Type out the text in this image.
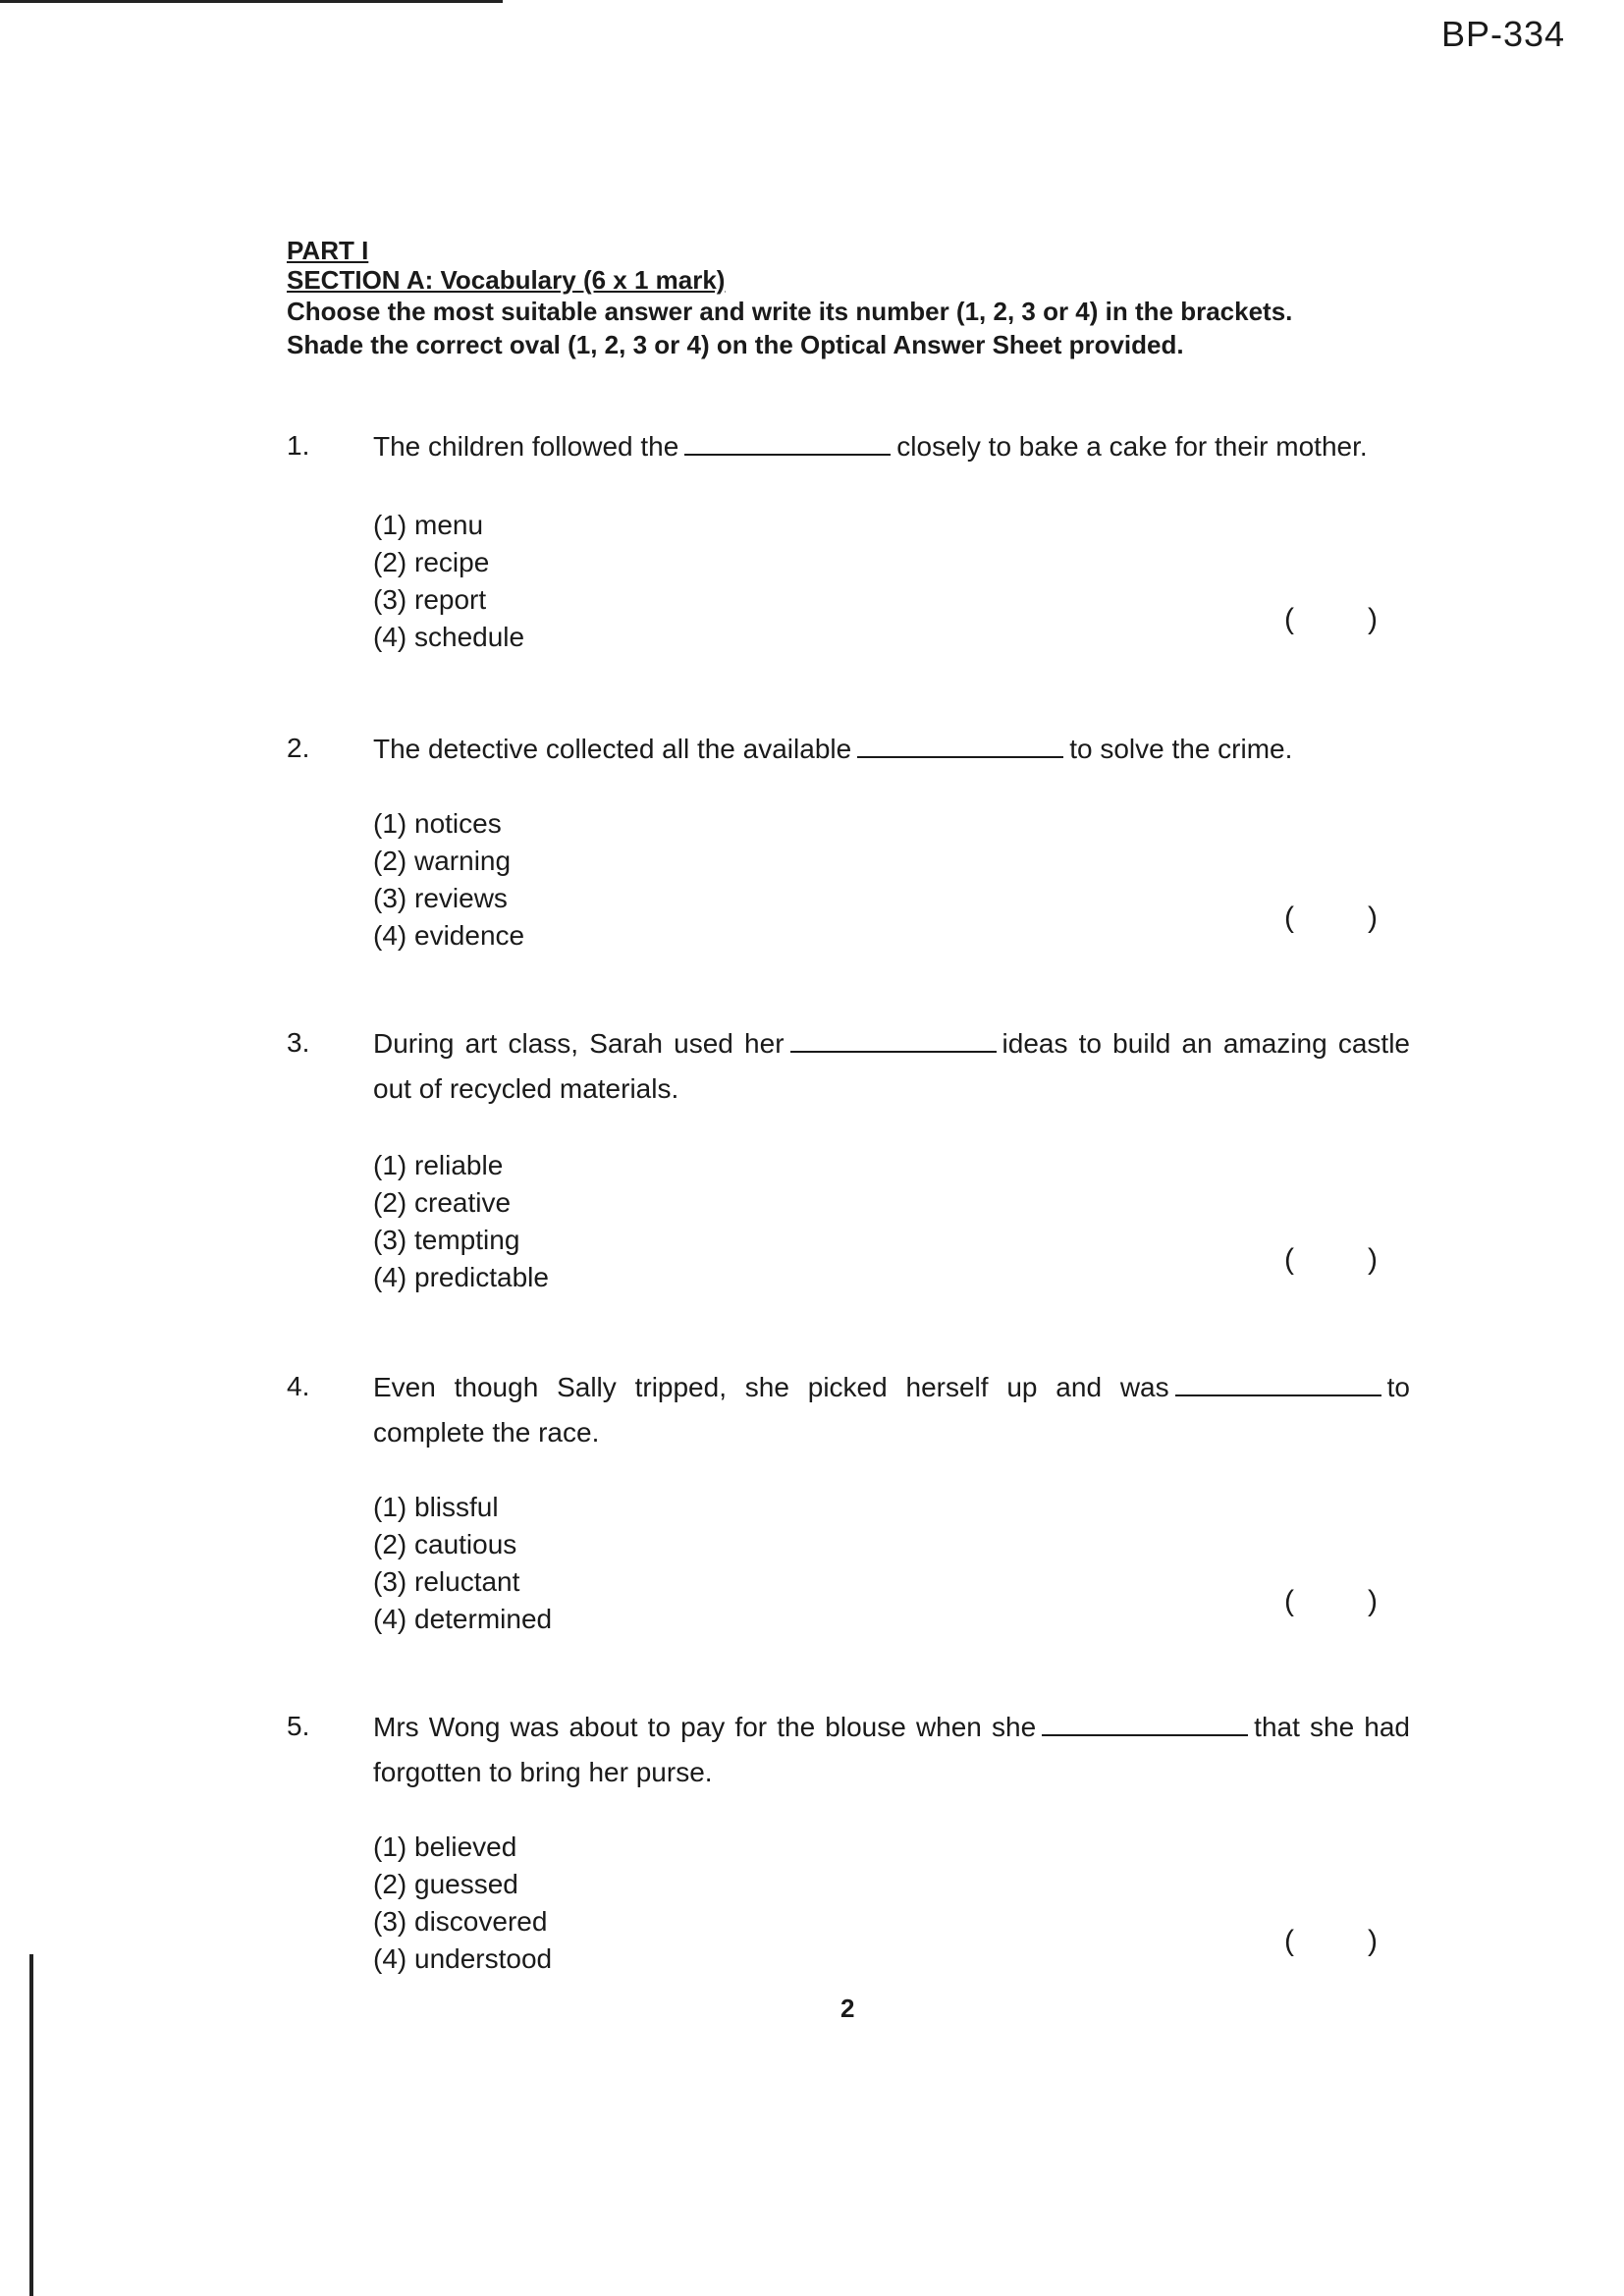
BP-334
PART I
SECTION A: Vocabulary (6 x 1 mark)
Choose the most suitable answer and write its number (1, 2, 3 or 4) in the brackets.
Shade the correct oval (1, 2, 3 or 4) on the Optical Answer Sheet provided.
1. The children followed the	closely to bake a cake for their mother.
(1) menu
(2) recipe
(3) report
(4) schedule
(         )
2. The detective collected all the available	to solve the crime.
(1) notices
(2) warning
(3) reviews
(4) evidence
(         )
3. During art class, Sarah used her	ideas to build an amazing castle out of recycled materials.
(1) reliable
(2) creative
(3) tempting
(4) predictable
(         )
4. Even though Sally tripped, she picked herself up and was	to complete the race.
(1) blissful
(2) cautious
(3) reluctant
(4) determined
(         )
5. Mrs Wong was about to pay for the blouse when she	that she had forgotten to bring her purse.
(1) believed
(2) guessed
(3) discovered
(4) understood
(         )
2
